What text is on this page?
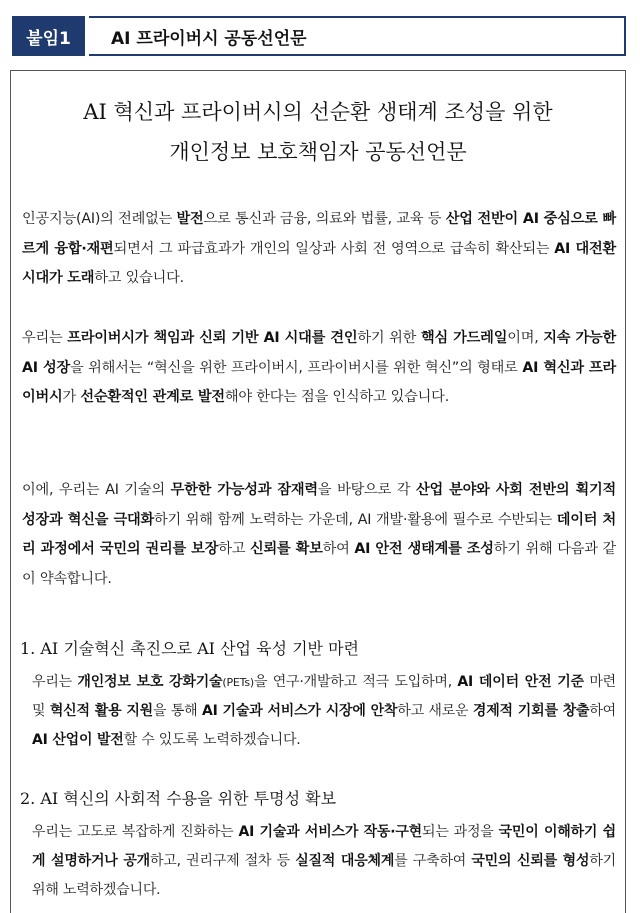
붙임1	AI 프라이버시 공동선언문
AI 혁신과 프라이버시의 선순환 생태계 조성을 위한
개인정보 보호책임자 공동선언문
인공지능(AI)의 전례없는 발전으로 통신과 금융, 의료와 법률, 교육 등 산업 전반이 AI 중심으로 빠르게 융합·재편되면서 그 파급효과가 개인의 일상과 사회 전 영역으로 급속히 확산되는 AI 대전환 시대가 도래하고 있습니다.
우리는 프라이버시가 책임과 신뢰 기반 AI 시대를 견인하기 위한 핵심 가드레일이며, 지속 가능한 AI 성장을 위해서는 “혁신을 위한 프라이버시, 프라이버시를 위한 혁신”의 형태로 AI 혁신과 프라이버시가 선순환적인 관계로 발전해야 한다는 점을 인식하고 있습니다.
이에, 우리는 AI 기술의 무한한 가능성과 잠재력을 바탕으로 각 산업 분야와 사회 전반의 획기적 성장과 혁신을 극대화하기 위해 함께 노력하는 가운데, AI 개발·활용에 필수로 수반되는 데이터 처리 과정에서 국민의 권리를 보장하고 신뢰를 확보하여 AI 안전 생태계를 조성하기 위해 다음과 같이 약속합니다.
1. AI 기술혁신 촉진으로 AI 산업 육성 기반 마련
우리는 개인정보 보호 강화기술(PETs)을 연구·개발하고 적극 도입하며, AI 데이터 안전 기준 마련 및 혁신적 활용 지원을 통해 AI 기술과 서비스가 시장에 안착하고 새로운 경제적 기회를 창출하여 AI 산업이 발전할 수 있도록 노력하겠습니다.
2. AI 혁신의 사회적 수용을 위한 투명성 확보
우리는 고도로 복잡하게 진화하는 AI 기술과 서비스가 작동·구현되는 과정을 국민이 이해하기 쉽게 설명하거나 공개하고, 권리구제 절차 등 실질적 대응체계를 구축하여 국민의 신뢰를 형성하기 위해 노력하겠습니다.
